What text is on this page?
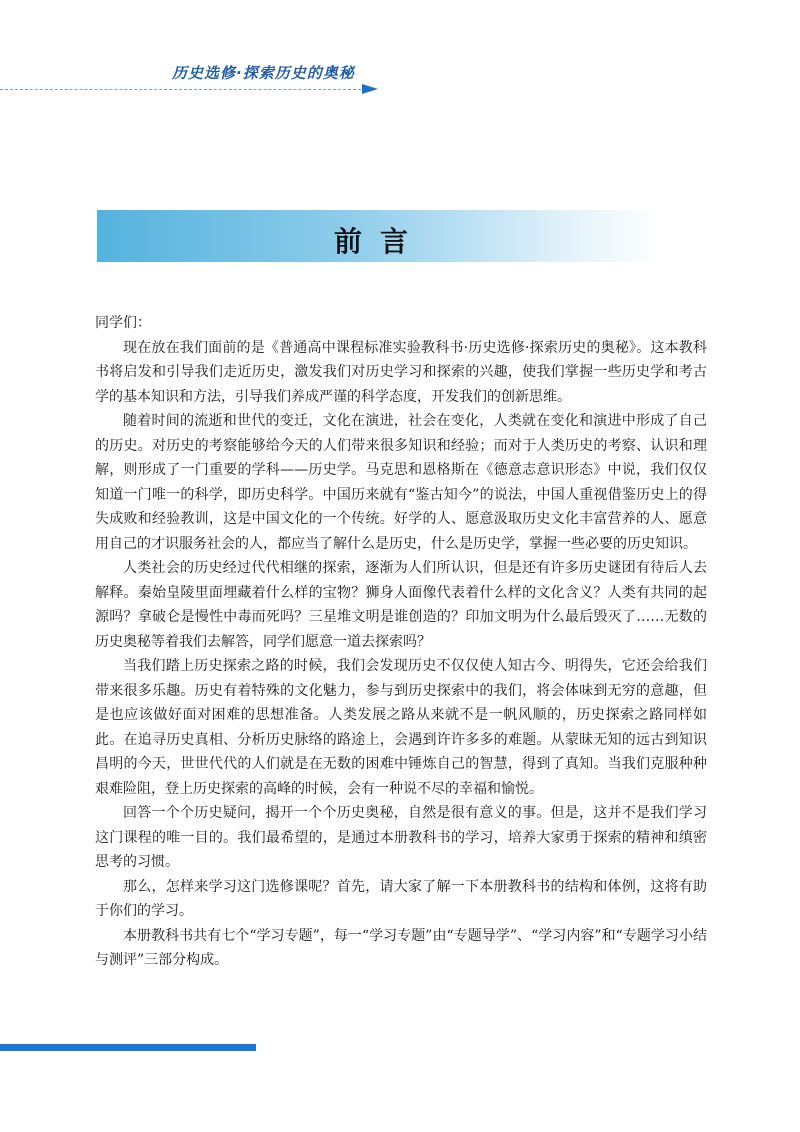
历史选修·探索历史的奥秘
前言

同学们：

现在放在我们面前的是《普通高中课程标准实验教科书·历史选修·探索历史的奥秘》。这本教科书将启发和引导我们走近历史，激发我们对历史学习和探索的兴趣，使我们掌握一些历史学和考古学的基本知识和方法，引导我们养成严谨的科学态度，开发我们的创新思维。

随着时间的流逝和世代的变迁，文化在演进，社会在变化，人类就在变化和演进中形成了自己的历史。对历史的考察能够给今天的人们带来很多知识和经验；而对于人类历史的考察、认识和理解，则形成了一门重要的学科——历史学。马克思和恩格斯在《德意志意识形态》中说，我们仅仅知道一门唯一的科学，即历史科学。中国历来就有“鉴古知今”的说法，中国人重视借鉴历史上的得失成败和经验教训，这是中国文化的一个传统。好学的人、愿意汲取历史文化丰富营养的人、愿意用自己的才识服务社会的人，都应当了解什么是历史，什么是历史学，掌握一些必要的历史知识。

人类社会的历史经过代代相继的探索，逐渐为人们所认识，但是还有许多历史谜团有待后人去解释。秦始皇陵里面埋藏着什么样的宝物？狮身人面像代表着什么样的文化含义？人类有共同的起源吗？拿破仑是慢性中毒而死吗？三星堆文明是谁创造的？印加文明为什么最后毁灭了……无数的历史奥秘等着我们去解答，同学们愿意一道去探索吗？

当我们踏上历史探索之路的时候，我们会发现历史不仅仅使人知古今、明得失，它还会给我们带来很多乐趣。历史有着特殊的文化魅力，参与到历史探索中的我们，将会体味到无穷的意趣，但是也应该做好面对困难的思想准备。人类发展之路从来就不是一帆风顺的，历史探索之路同样如此。在追寻历史真相、分析历史脉络的路途上，会遇到许许多多的难题。从蒙昧无知的远古到知识昌明的今天，世世代代的人们就是在无数的困难中锤炼自己的智慧，得到了真知。当我们克服种种艰难险阻，登上历史探索的高峰的时候，会有一种说不尽的幸福和愉悦。

回答一个个历史疑问，揭开一个个历史奥秘，自然是很有意义的事。但是，这并不是我们学习这门课程的唯一目的。我们最希望的，是通过本册教科书的学习，培养大家勇于探索的精神和缜密思考的习惯。

那么，怎样来学习这门选修课呢？首先，请大家了解一下本册教科书的结构和体例，这将有助于你们的学习。

本册教科书共有七个“学习专题”，每一“学习专题”由“专题导学”、“学习内容”和“专题学习小结与测评”三部分构成。
